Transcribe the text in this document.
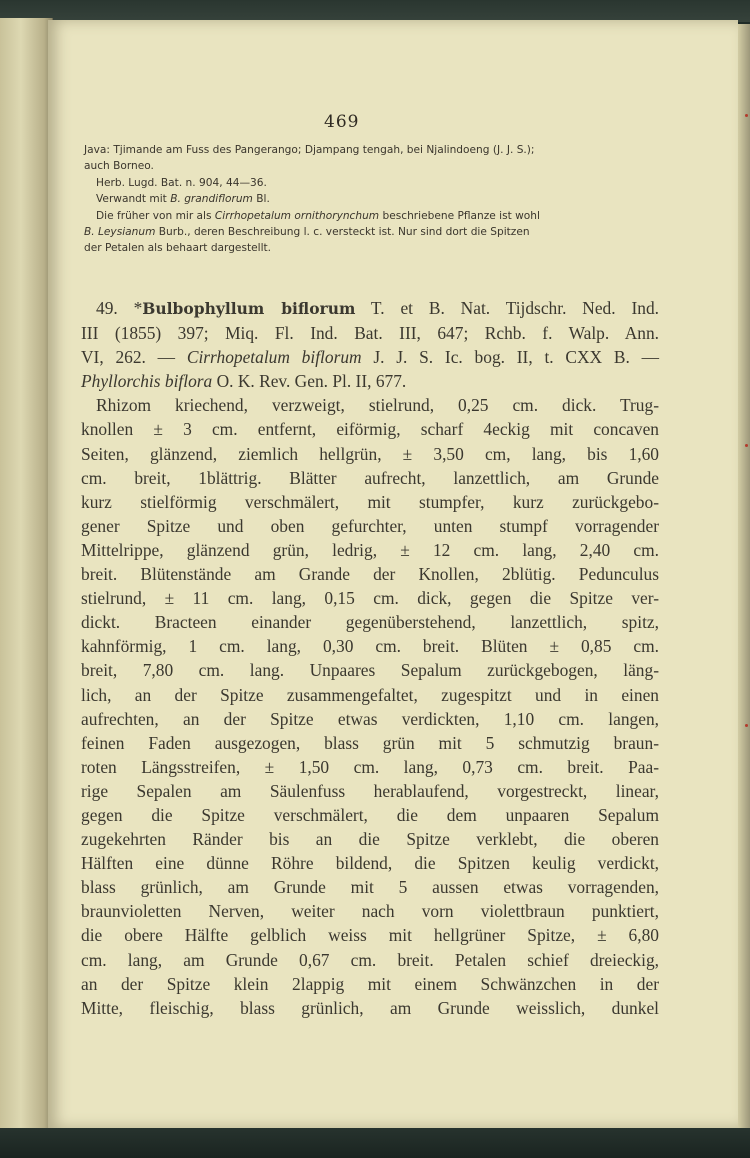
469
Java: Tjimande am Fuss des Pangerango; Djampang tengah, bei Njalindoeng (J. J. S.);
auch Borneo.
Herb. Lugd. Bat. n. 904, 44—36.
Verwandt mit B. grandiflorum Bl.
Die früher von mir als Cirrhopetalum ornithorynchum beschriebene Pflanze ist wohl
B. Leysianum Burb., deren Beschreibung l. c. versteckt ist. Nur sind dort die Spitzen
der Petalen als behaart dargestellt.
49. *Bulbophyllum biflorum T. et B. Nat. Tijdschr. Ned. Ind.
III (1855) 397; Miq. Fl. Ind. Bat. III, 647; Rchb. f. Walp. Ann.
VI, 262. — Cirrhopetalum biflorum J. J. S. Ic. bog. II, t. CXX B. —
Phyllorchis biflora O. K. Rev. Gen. Pl. II, 677.
Rhizom kriechend, verzweigt, stielrund, 0,25 cm. dick. Trug-
knollen ± 3 cm. entfernt, eiförmig, scharf 4eckig mit concaven
Seiten, glänzend, ziemlich hellgrün, ± 3,50 cm, lang, bis 1,60
cm. breit, 1blättrig. Blätter aufrecht, lanzettlich, am Grunde
kurz stielförmig verschmälert, mit stumpfer, kurz zurückgebo-
gener Spitze und oben gefurchter, unten stumpf vorragender
Mittelrippe, glänzend grün, ledrig, ± 12 cm. lang, 2,40 cm.
breit. Blütenstände am Grande der Knollen, 2blütig. Pedunculus
stielrund, ± 11 cm. lang, 0,15 cm. dick, gegen die Spitze ver-
dickt. Bracteen einander gegenüberstehend, lanzettlich, spitz,
kahnförmig, 1 cm. lang, 0,30 cm. breit. Blüten ± 0,85 cm.
breit, 7,80 cm. lang. Unpaares Sepalum zurückgebogen, läng-
lich, an der Spitze zusammengefaltet, zugespitzt und in einen
aufrechten, an der Spitze etwas verdickten, 1,10 cm. langen,
feinen Faden ausgezogen, blass grün mit 5 schmutzig braun-
roten Längsstreifen, ± 1,50 cm. lang, 0,73 cm. breit. Paa-
rige Sepalen am Säulenfuss herablaufend, vorgestreckt, linear,
gegen die Spitze verschmälert, die dem unpaaren Sepalum
zugekehrten Ränder bis an die Spitze verklebt, die oberen
Hälften eine dünne Röhre bildend, die Spitzen keulig verdickt,
blass grünlich, am Grunde mit 5 aussen etwas vorragenden,
braunvioletten Nerven, weiter nach vorn violettbraun punktiert,
die obere Hälfte gelblich weiss mit hellgrüner Spitze, ± 6,80
cm. lang, am Grunde 0,67 cm. breit. Petalen schief dreieckig,
an der Spitze klein 2lappig mit einem Schwänzchen in der
Mitte, fleischig, blass grünlich, am Grunde weisslich, dunkel
